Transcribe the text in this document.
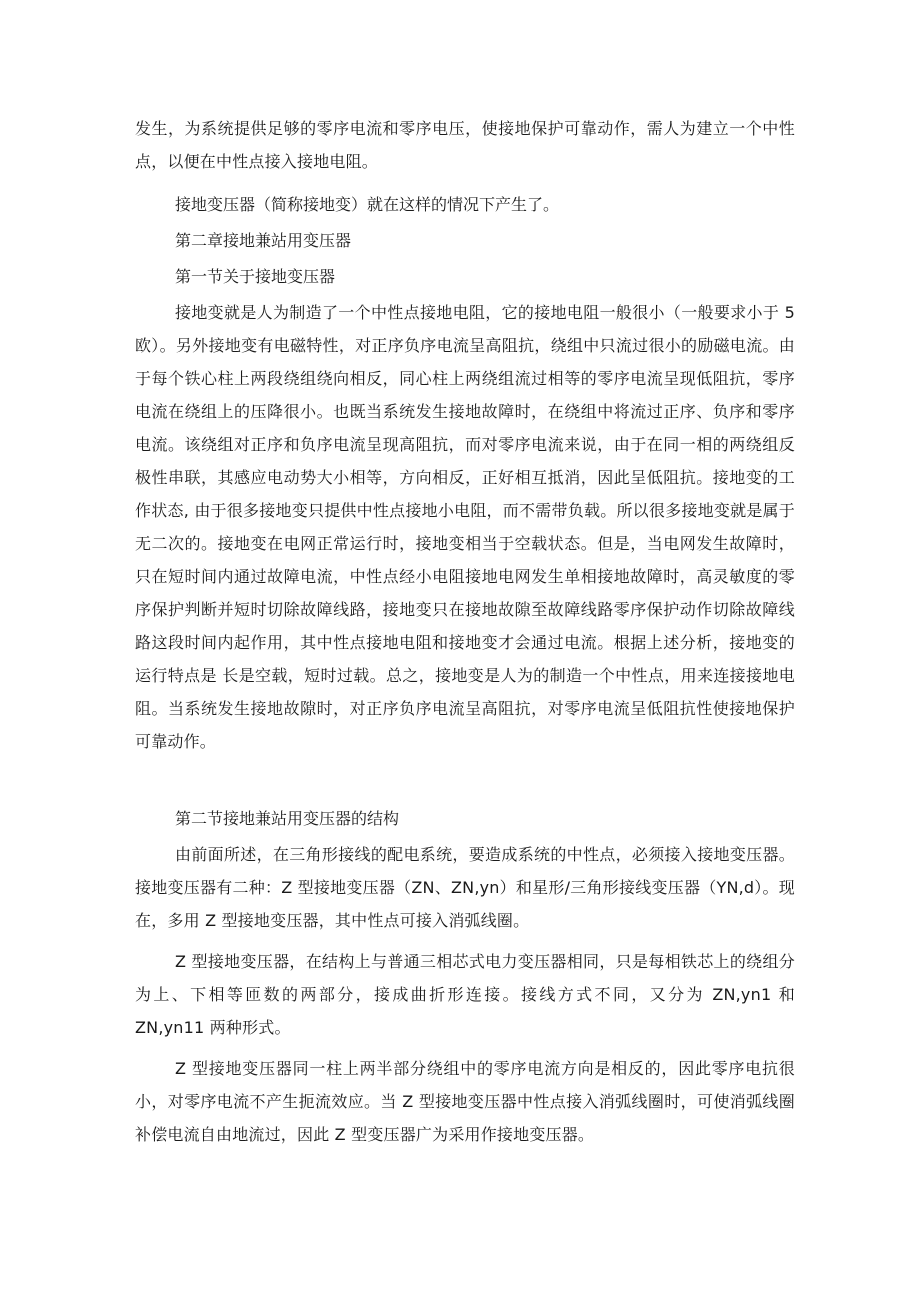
发生，为系统提供足够的零序电流和零序电压，使接地保护可靠动作，需人为建立一个中性点，以便在中性点接入接地电阻。

接地变压器（简称接地变）就在这样的情况下产生了。

第二章接地兼站用变压器

第一节关于接地变压器

接地变就是人为制造了一个中性点接地电阻，它的接地电阻一般很小（一般要求小于 5 欧）。另外接地变有电磁特性，对正序负序电流呈高阻抗，绕组中只流过很小的励磁电流。由于每个铁心柱上两段绕组绕向相反，同心柱上两绕组流过相等的零序电流呈现低阻抗，零序电流在绕组上的压降很小。也既当系统发生接地故障时，在绕组中将流过正序、负序和零序电流。该绕组对正序和负序电流呈现高阻抗，而对零序电流来说，由于在同一相的两绕组反极性串联，其感应电动势大小相等，方向相反，正好相互抵消，因此呈低阻抗。接地变的工作状态, 由于很多接地变只提供中性点接地小电阻，而不需带负载。所以很多接地变就是属于无二次的。接地变在电网正常运行时，接地变相当于空载状态。但是，当电网发生故障时，只在短时间内通过故障电流，中性点经小电阻接地电网发生单相接地故障时，高灵敏度的零序保护判断并短时切除故障线路，接地变只在接地故隙至故障线路零序保护动作切除故障线路这段时间内起作用，其中性点接地电阻和接地变才会通过电流。根据上述分析，接地变的运行特点是 长是空载，短时过载。总之，接地变是人为的制造一个中性点，用来连接接地电阻。当系统发生接地故隙时，对正序负序电流呈高阻抗，对零序电流呈低阻抗性使接地保护可靠动作。

第二节接地兼站用变压器的结构

由前面所述，在三角形接线的配电系统，要造成系统的中性点，必须接入接地变压器。接地变压器有二种：Z 型接地变压器（ZN、ZN,yn）和星形/三角形接线变压器（YN,d）。现在，多用 Z 型接地变压器，其中性点可接入消弧线圈。

Z 型接地变压器，在结构上与普通三相芯式电力变压器相同，只是每相铁芯上的绕组分为上、下相等匝数的两部分，接成曲折形连接。接线方式不同，又分为 ZN,yn1 和 ZN,yn11 两种形式。

Z 型接地变压器同一柱上两半部分绕组中的零序电流方向是相反的，因此零序电抗很小，对零序电流不产生扼流效应。当 Z 型接地变压器中性点接入消弧线圈时，可使消弧线圈补偿电流自由地流过，因此 Z 型变压器广为采用作接地变压器。
